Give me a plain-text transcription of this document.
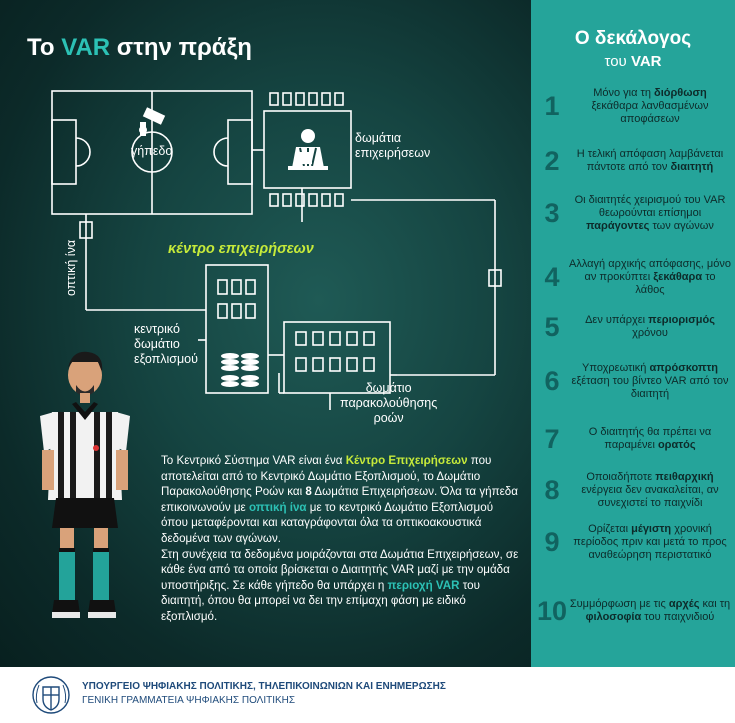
Το VAR στην πράξη
γήπεδο
δωμάτια
επιχειρήσεων
οπτική ίνα	κέντρο επιχειρήσεων
κεντρικό
δωμάτιο
εξοπλισμού
δωμάτιο
παρακολούθησης
ροών
Το Κεντρικό Σύστημα VAR είναι ένα Κέντρο Επιχειρήσεων που αποτελείται από το Κεντρικό Δωμάτιο Εξοπλισμού, το Δωμάτιο Παρακολούθησης Ροών και 8 Δωμάτια Επιχειρήσεων. Όλα τα γήπεδα επικοινωνούν με οπτική ίνα με το κεντρικό Δωμάτιο Εξοπλισμού όπου μεταφέρονται και καταγράφονται όλα τα οπτικοακουστικά δεδομένα των αγώνων.
Στη συνέχεια τα δεδομένα μοιράζονται στα Δωμάτια Επιχειρήσεων, σε κάθε ένα από τα οποία βρίσκεται ο Διαιτητής VAR μαζί με την ομάδα υποστήριξης. Σε κάθε γήπεδο θα υπάρχει η περιοχή VAR του διαιτητή, όπου θα μπορεί να δει την επίμαχη φάση με ειδικό εξοπλισμό.
Ο δεκάλογος
του VAR
1	Μόνο για τη διόρθωση ξεκάθαρα λανθασμένων αποφάσεων
2	Η τελική απόφαση λαμβάνεται πάντοτε από τον διαιτητή
3	Οι διαιτητές χειρισμού του VAR θεωρούνται επίσημοι παράγοντες των αγώνων
4 Αλλαγή αρχικής απόφασης, μόνο αν προκύπτει ξεκάθαρα το λάθος
5	Δεν υπάρχει περιορισμός χρόνου
6	Υποχρεωτική απρόσκοπτη εξέταση του βίντεο VAR από τον διαιτητή
7	Ο διαιτητής θα πρέπει να παραμένει ορατός
8	Οποιαδήποτε πειθαρχική ενέργεια δεν ανακαλείται, αν συνεχιστεί το παιχνίδι
9	Ορίζεται μέγιστη χρονική περίοδος πριν και μετά το προς αναθεώρηση περιστατικό
10 Συμμόρφωση με τις αρχές και τη φιλοσοφία του παιχνιδιού
ΥΠΟΥΡΓΕΙΟ ΨΗΦΙΑΚΗΣ ΠΟΛΙΤΙΚΗΣ, ΤΗΛΕΠΙΚΟΙΝΩΝΙΩΝ ΚΑΙ ΕΝΗΜΕΡΩΣΗΣ
ΓΕΝΙΚΗ ΓΡΑΜΜΑΤΕΙΑ ΨΗΦΙΑΚΗΣ ΠΟΛΙΤΙΚΗΣ
